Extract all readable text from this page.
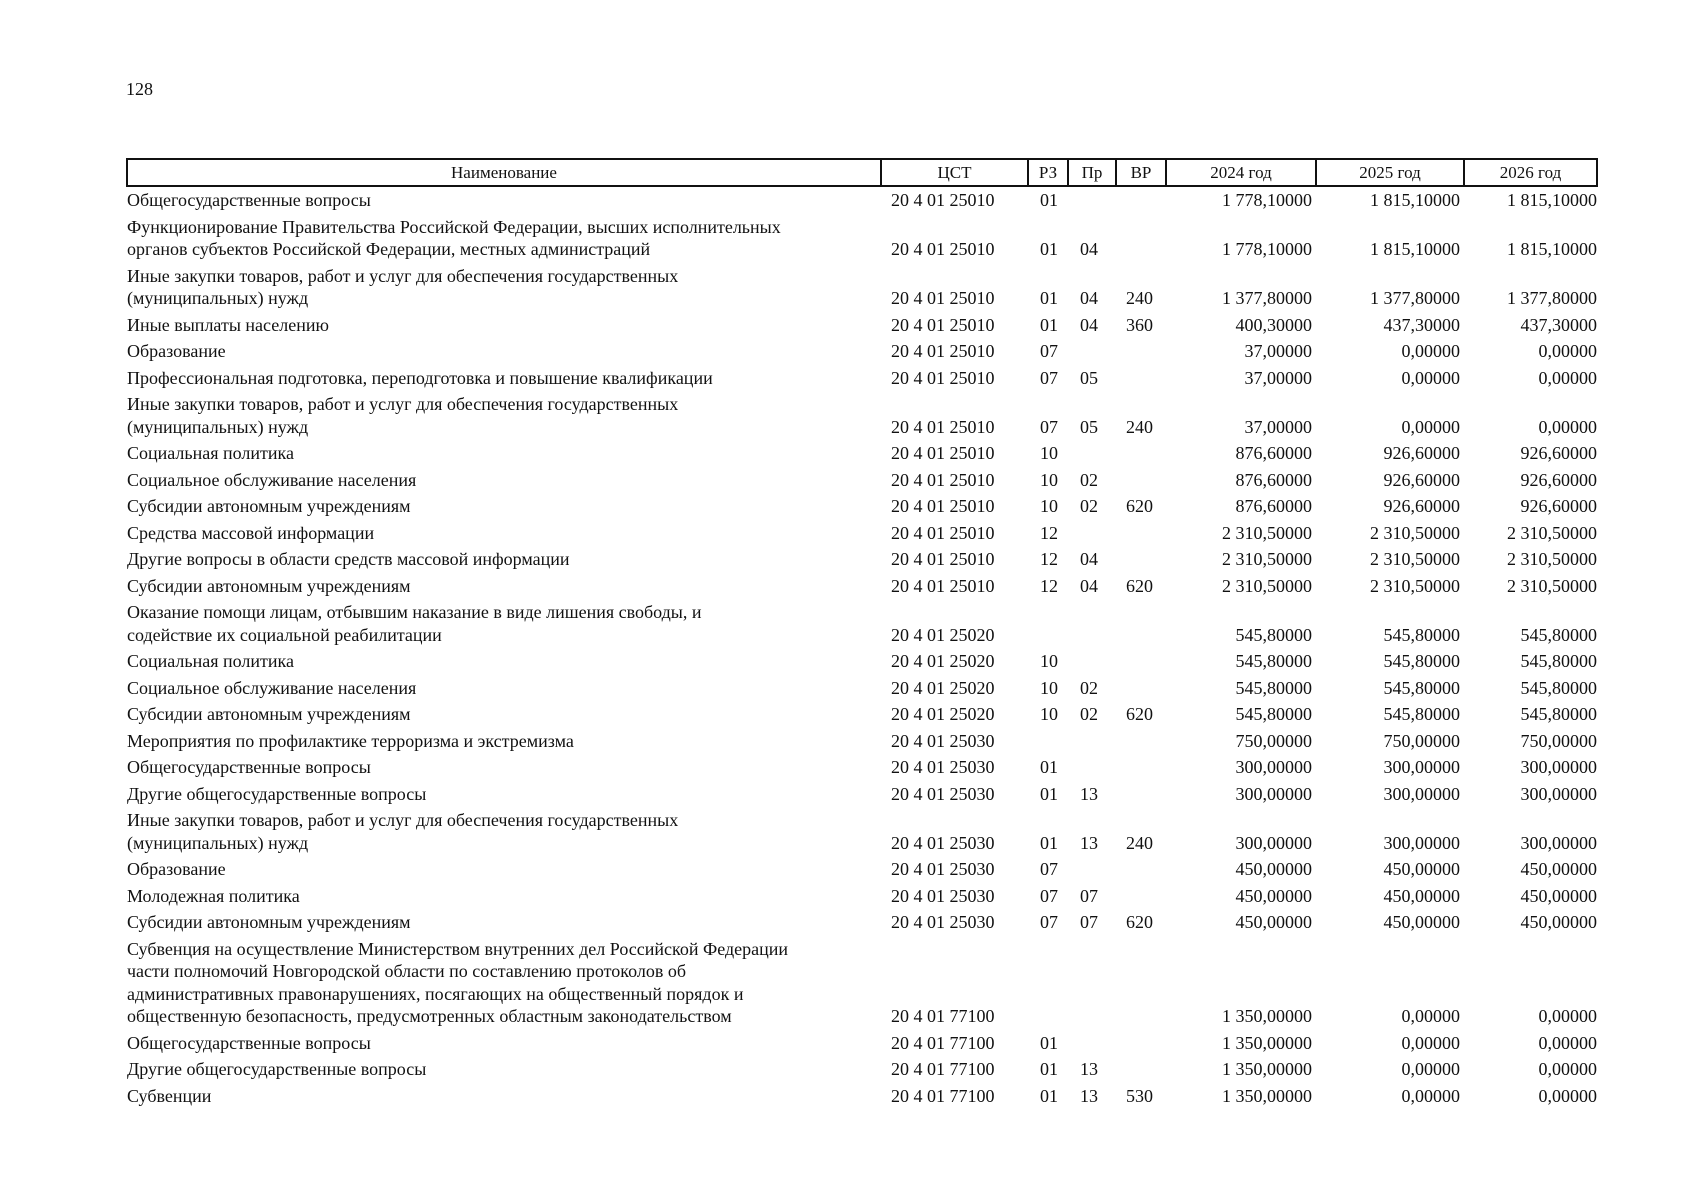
128
Наименование	ЦСТ	РЗ	Пр	ВР	2024 год	2025 год	2026 год

Общегосударственные вопросы	20 4 01 25010	01			1 778,10000	1 815,10000	1 815,10000

Функционирование Правительства Российской Федерации, высших исполнительных
органов субъектов Российской Федерации, местных администраций	20 4 01 25010	01	04		1 778,10000	1 815,10000	1 815,10000

Иные закупки товаров, работ и услуг для обеспечения государственных
(муниципальных) нужд	20 4 01 25010	01	04	240	1 377,80000	1 377,80000	1 377,80000

Иные выплаты населению	20 4 01 25010	01	04	360	400,30000	437,30000	437,30000

Образование	20 4 01 25010	07			37,00000	0,00000	0,00000

Профессиональная подготовка, переподготовка и повышение квалификации	20 4 01 25010	07	05		37,00000	0,00000	0,00000

Иные закупки товаров, работ и услуг для обеспечения государственных
(муниципальных) нужд	20 4 01 25010	07	05	240	37,00000	0,00000	0,00000

Социальная политика	20 4 01 25010	10			876,60000	926,60000	926,60000

Социальное обслуживание населения	20 4 01 25010	10	02		876,60000	926,60000	926,60000

Субсидии автономным учреждениям	20 4 01 25010	10	02	620	876,60000	926,60000	926,60000

Средства массовой информации	20 4 01 25010	12			2 310,50000	2 310,50000	2 310,50000

Другие вопросы в области средств массовой информации	20 4 01 25010	12	04		2 310,50000	2 310,50000	2 310,50000

Субсидии автономным учреждениям	20 4 01 25010	12	04	620	2 310,50000	2 310,50000	2 310,50000

Оказание помощи лицам, отбывшим наказание в виде лишения свободы, и
содействие их социальной реабилитации	20 4 01 25020				545,80000	545,80000	545,80000

Социальная политика	20 4 01 25020	10			545,80000	545,80000	545,80000

Социальное обслуживание населения	20 4 01 25020	10	02		545,80000	545,80000	545,80000

Субсидии автономным учреждениям	20 4 01 25020	10	02	620	545,80000	545,80000	545,80000

Мероприятия по профилактике терроризма и экстремизма	20 4 01 25030				750,00000	750,00000	750,00000

Общегосударственные вопросы	20 4 01 25030	01			300,00000	300,00000	300,00000

Другие общегосударственные вопросы	20 4 01 25030	01	13		300,00000	300,00000	300,00000

Иные закупки товаров, работ и услуг для обеспечения государственных
(муниципальных) нужд	20 4 01 25030	01	13	240	300,00000	300,00000	300,00000

Образование	20 4 01 25030	07			450,00000	450,00000	450,00000

Молодежная политика	20 4 01 25030	07	07		450,00000	450,00000	450,00000

Субсидии автономным учреждениям	20 4 01 25030	07	07	620	450,00000	450,00000	450,00000

Субвенция на осуществление Министерством внутренних дел Российской Федерации
части полномочий Новгородской области по составлению протоколов об
административных правонарушениях, посягающих на общественный порядок и
общественную безопасность, предусмотренных областным законодательством	20 4 01 77100				1 350,00000	0,00000	0,00000

Общегосударственные вопросы	20 4 01 77100	01			1 350,00000	0,00000	0,00000

Другие общегосударственные вопросы	20 4 01 77100	01	13		1 350,00000	0,00000	0,00000

Субвенции	20 4 01 77100	01	13	530	1 350,00000	0,00000	0,00000
